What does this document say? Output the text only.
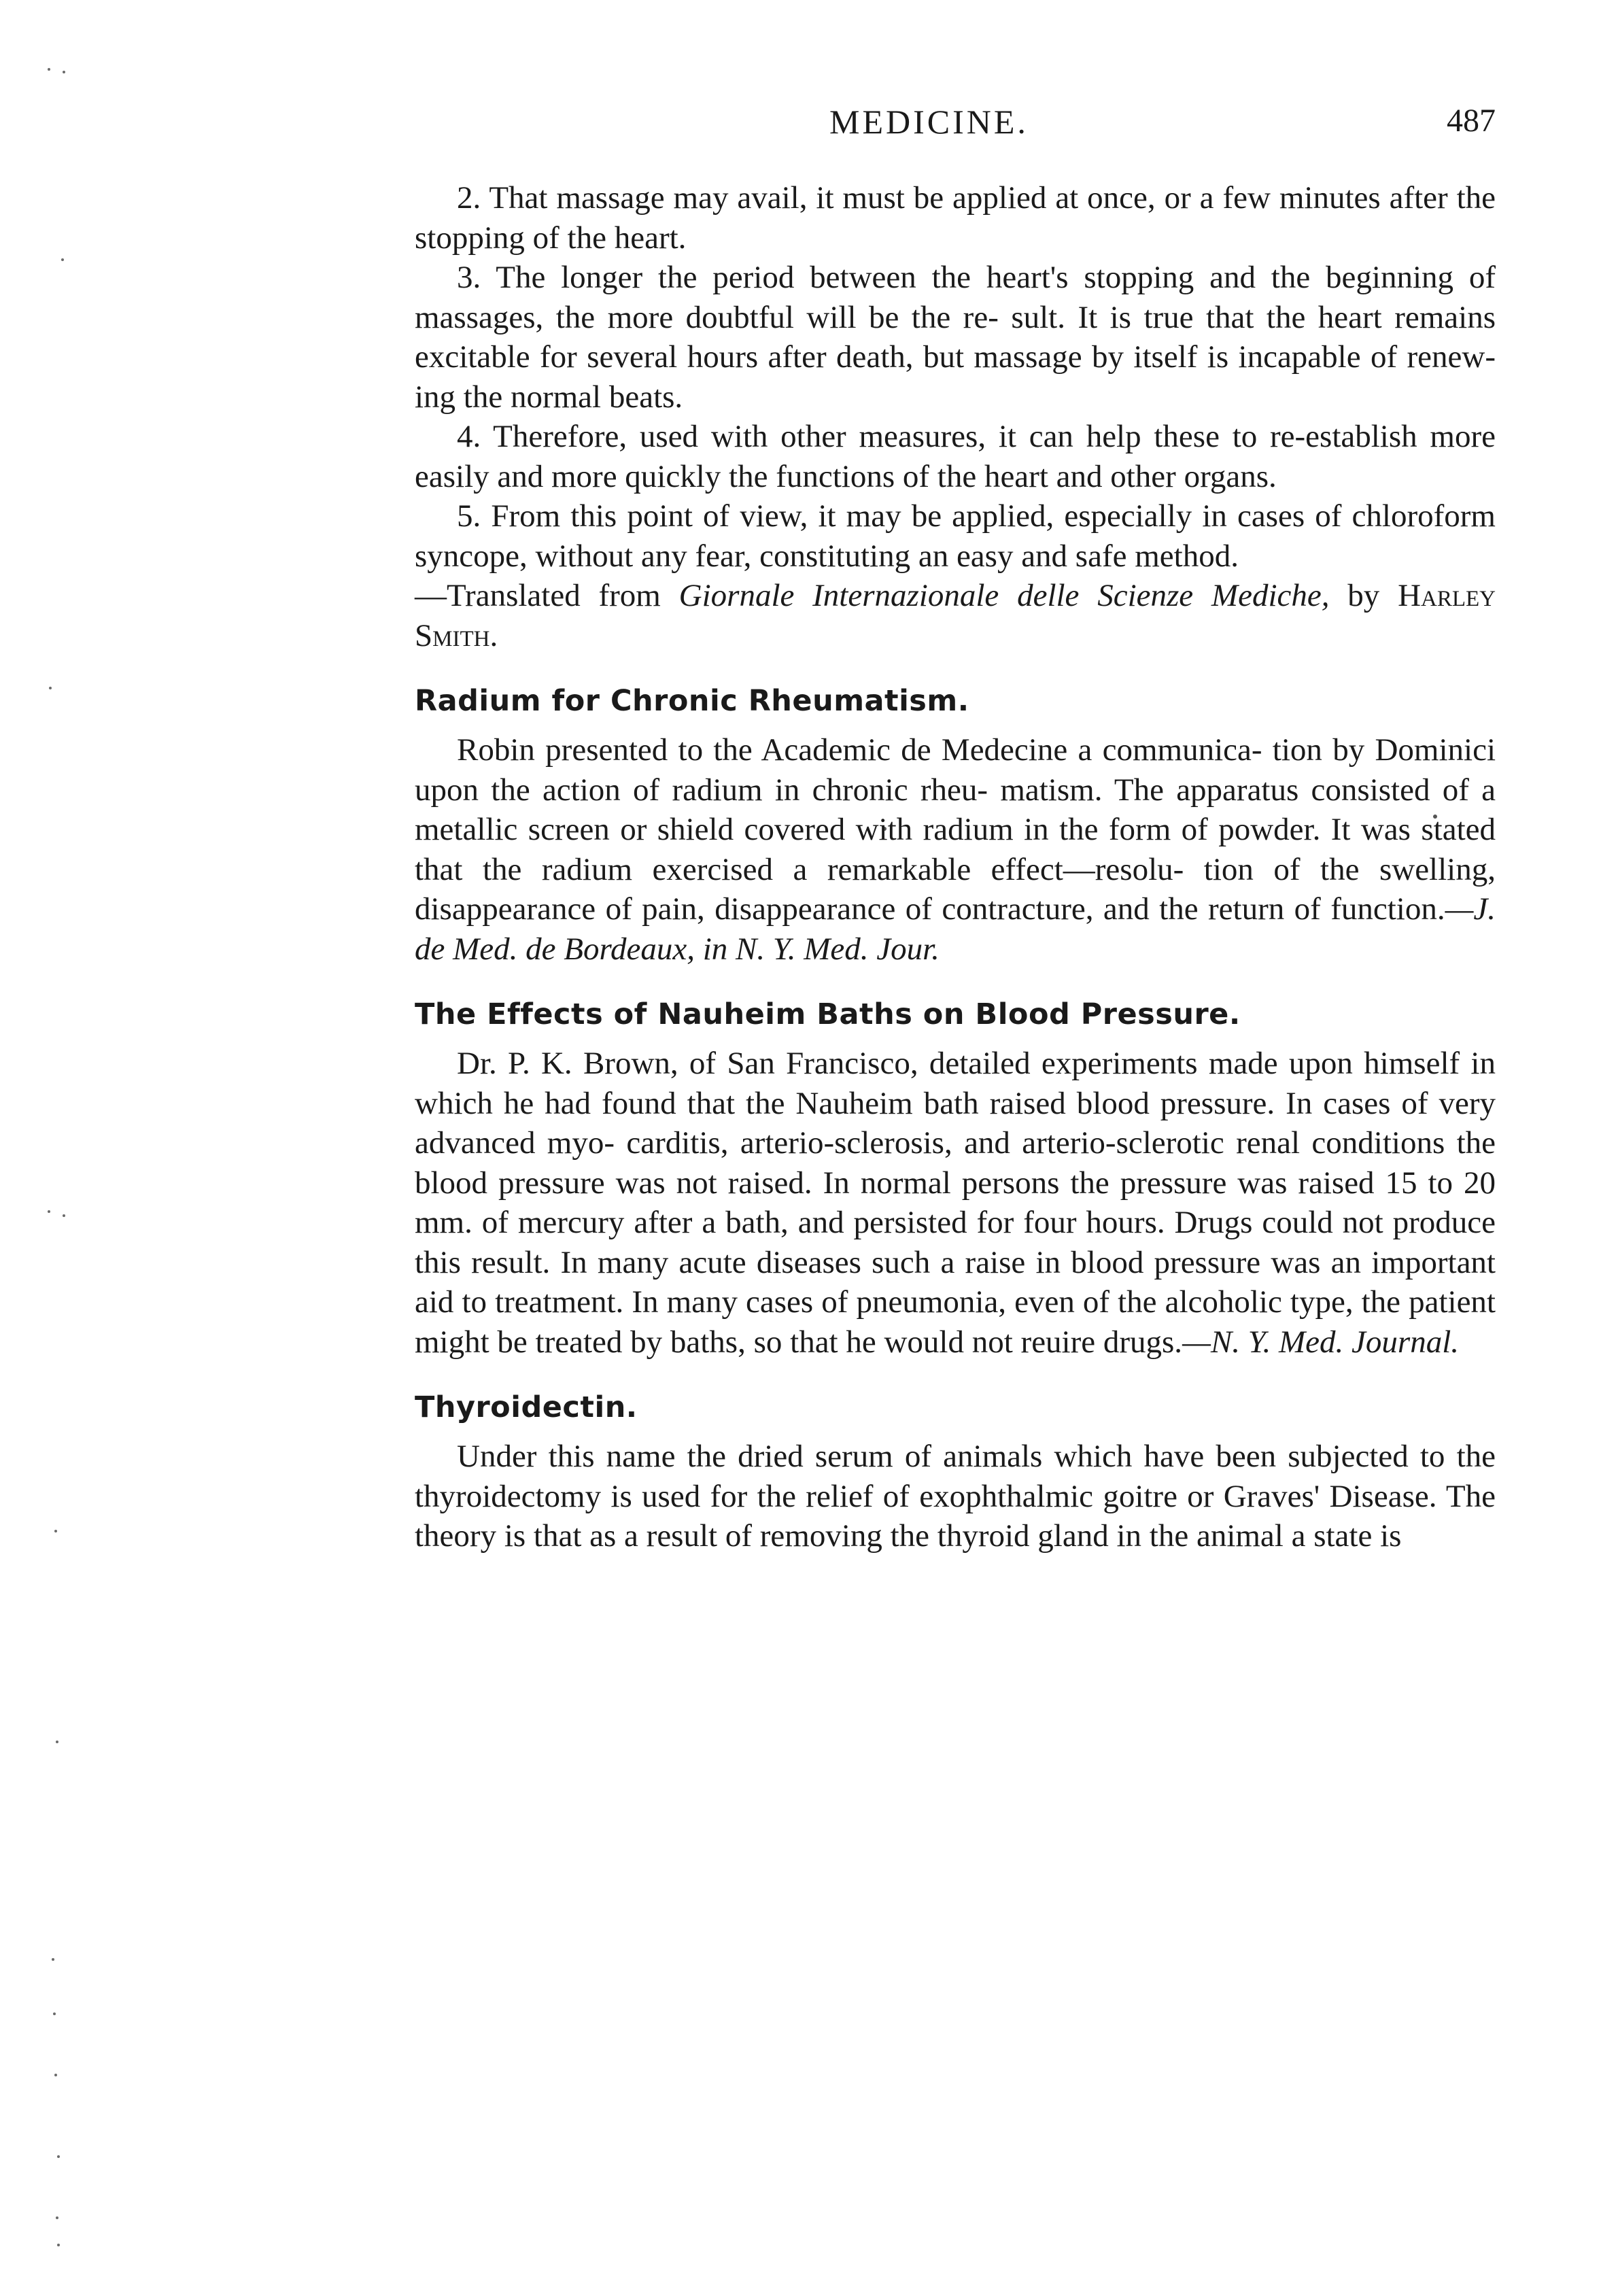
MEDICINE.	487

2. That massage may avail, it must be applied at once, or a few minutes after the stopping of the heart.

3. The longer the period between the heart's stopping and the beginning of massages, the more doubtful will be the re- sult. It is true that the heart remains excitable for several hours after death, but massage by itself is incapable of renew- ing the normal beats.

4. Therefore, used with other measures, it can help these to re-establish more easily and more quickly the functions of the heart and other organs.

5. From this point of view, it may be applied, especially in cases of chloroform syncope, without any fear, constituting an easy and safe method.

—Translated from Giornale Internazionale delle Scienze Mediche, by Harley Smith.

Radium for Chronic Rheumatism.

Robin presented to the Academic de Medecine a communica- tion by Dominici upon the action of radium in chronic rheu- matism. The apparatus consisted of a metallic screen or shield covered with radium in the form of powder. It was stated that the radium exercised a remarkable effect—resolu- tion of the swelling, disappearance of pain, disappearance of contracture, and the return of function.—J. de Med. de Bordeaux, in N. Y. Med. Jour.

The Effects of Nauheim Baths on Blood Pressure.

Dr. P. K. Brown, of San Francisco, detailed experiments made upon himself in which he had found that the Nauheim bath raised blood pressure. In cases of very advanced myo- carditis, arterio-sclerosis, and arterio-sclerotic renal conditions the blood pressure was not raised. In normal persons the pressure was raised 15 to 20 mm. of mercury after a bath, and persisted for four hours. Drugs could not produce this result. In many acute diseases such a raise in blood pressure was an important aid to treatment. In many cases of pneumonia, even of the alcoholic type, the patient might be treated by baths, so that he would not reuire drugs.—N. Y. Med. Journal.

Thyroidectin.

Under this name the dried serum of animals which have been subjected to the thyroidectomy is used for the relief of exophthalmic goitre or Graves' Disease. The theory is that as a result of removing the thyroid gland in the animal a state is
